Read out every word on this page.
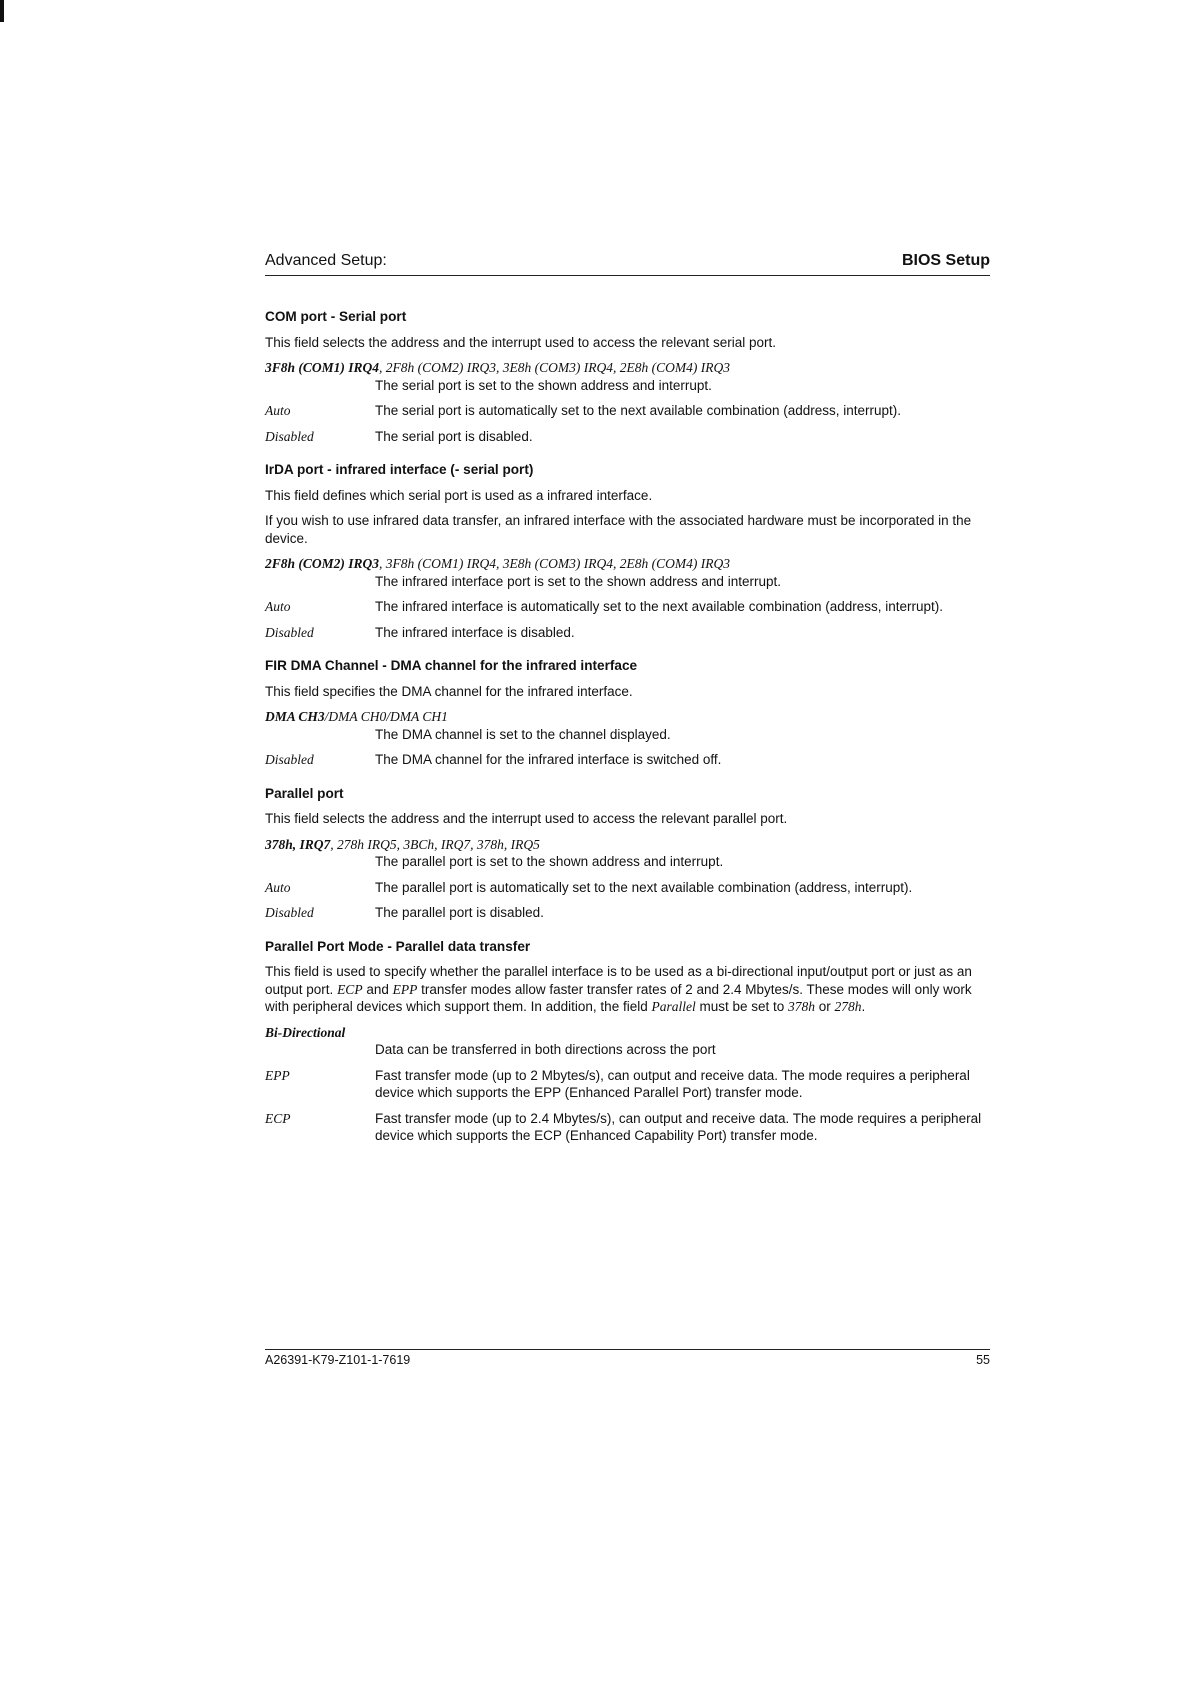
Advanced Setup:	BIOS Setup
COM port - Serial port

This field selects the address and the interrupt used to access the relevant serial port.

3F8h (COM1) IRQ4, 2F8h (COM2) IRQ3, 3E8h (COM3) IRQ4, 2E8h (COM4) IRQ3
The serial port is set to the shown address and interrupt.
Auto	The serial port is automatically set to the next available combination (address, interrupt).
Disabled	The serial port is disabled.
IrDA port - infrared interface (- serial port)

This field defines which serial port is used as a infrared interface.

If you wish to use infrared data transfer, an infrared interface with the associated hardware must be incorporated in the device.

2F8h (COM2) IRQ3, 3F8h (COM1) IRQ4, 3E8h (COM3) IRQ4, 2E8h (COM4) IRQ3
The infrared interface port is set to the shown address and interrupt.
Auto	The infrared interface is automatically set to the next available combination (address, interrupt).
Disabled	The infrared interface is disabled.
FIR DMA Channel - DMA channel for the infrared interface

This field specifies the DMA channel for the infrared interface.

DMA CH3/DMA CH0/DMA CH1
The DMA channel is set to the channel displayed.
Disabled	The DMA channel for the infrared interface is switched off.
Parallel port

This field selects the address and the interrupt used to access the relevant parallel port.

378h, IRQ7, 278h IRQ5, 3BCh, IRQ7, 378h, IRQ5
The parallel port is set to the shown address and interrupt.
Auto	The parallel port is automatically set to the next available combination (address, interrupt).
Disabled	The parallel port is disabled.
Parallel Port Mode - Parallel data transfer

This field is used to specify whether the parallel interface is to be used as a bi-directional input/output port or just as an output port. ECP and EPP transfer modes allow faster transfer rates of 2 and 2.4 Mbytes/s. These modes will only work with peripheral devices which support them. In addition, the field Parallel must be set to 378h or 278h.

Bi-Directional
Data can be transferred in both directions across the port
EPP	Fast transfer mode (up to 2 Mbytes/s), can output and receive data. The mode requires a peripheral device which supports the EPP (Enhanced Parallel Port) transfer mode.
ECP	Fast transfer mode (up to 2.4 Mbytes/s), can output and receive data. The mode requires a peripheral device which supports the ECP (Enhanced Capability Port) transfer mode.
A26391-K79-Z101-1-7619	55
